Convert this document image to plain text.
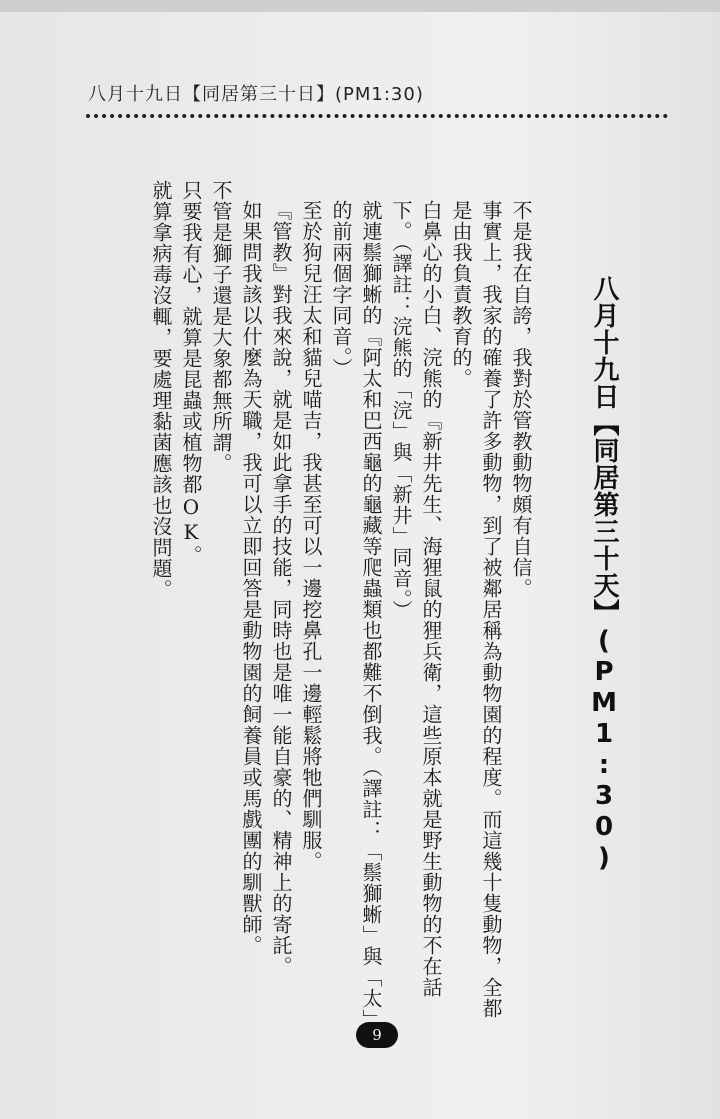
八月十九日【同居第三十日】(PM1:30)
八月十九日【同居第三十天】(PM1:30)
不是我在自誇，我對於管教動物頗有自信。
事實上，我家的確養了許多動物，到了被鄰居稱為動物園的程度。而這幾十隻動物，全都是由我負責教育的。
白鼻心的小白、浣熊的『新井先生、海狸鼠的狸兵衛，這些原本就是野生動物的不在話下。（譯註：浣熊的「浣」與「新井」同音。）
就連鬃獅蜥的『阿太和巴西龜的龜藏等爬蟲類也都難不倒我。（譯註：「鬃獅蜥」與「太」的前兩個字同音。）
至於狗兒汪太和貓兒喵吉，我甚至可以一邊挖鼻孔一邊輕鬆將牠們馴服。
『管教』對我來說，就是如此拿手的技能，同時也是唯一能自豪的、精神上的寄託。
如果問我該以什麼為天職，我可以立即回答是動物園的飼養員或馬戲團的馴獸師。
不管是獅子還是大象都無所謂。
只要我有心，就算是昆蟲或植物都OK。
就算拿病毒沒輒，要處理黏菌應該也沒問題。
9
